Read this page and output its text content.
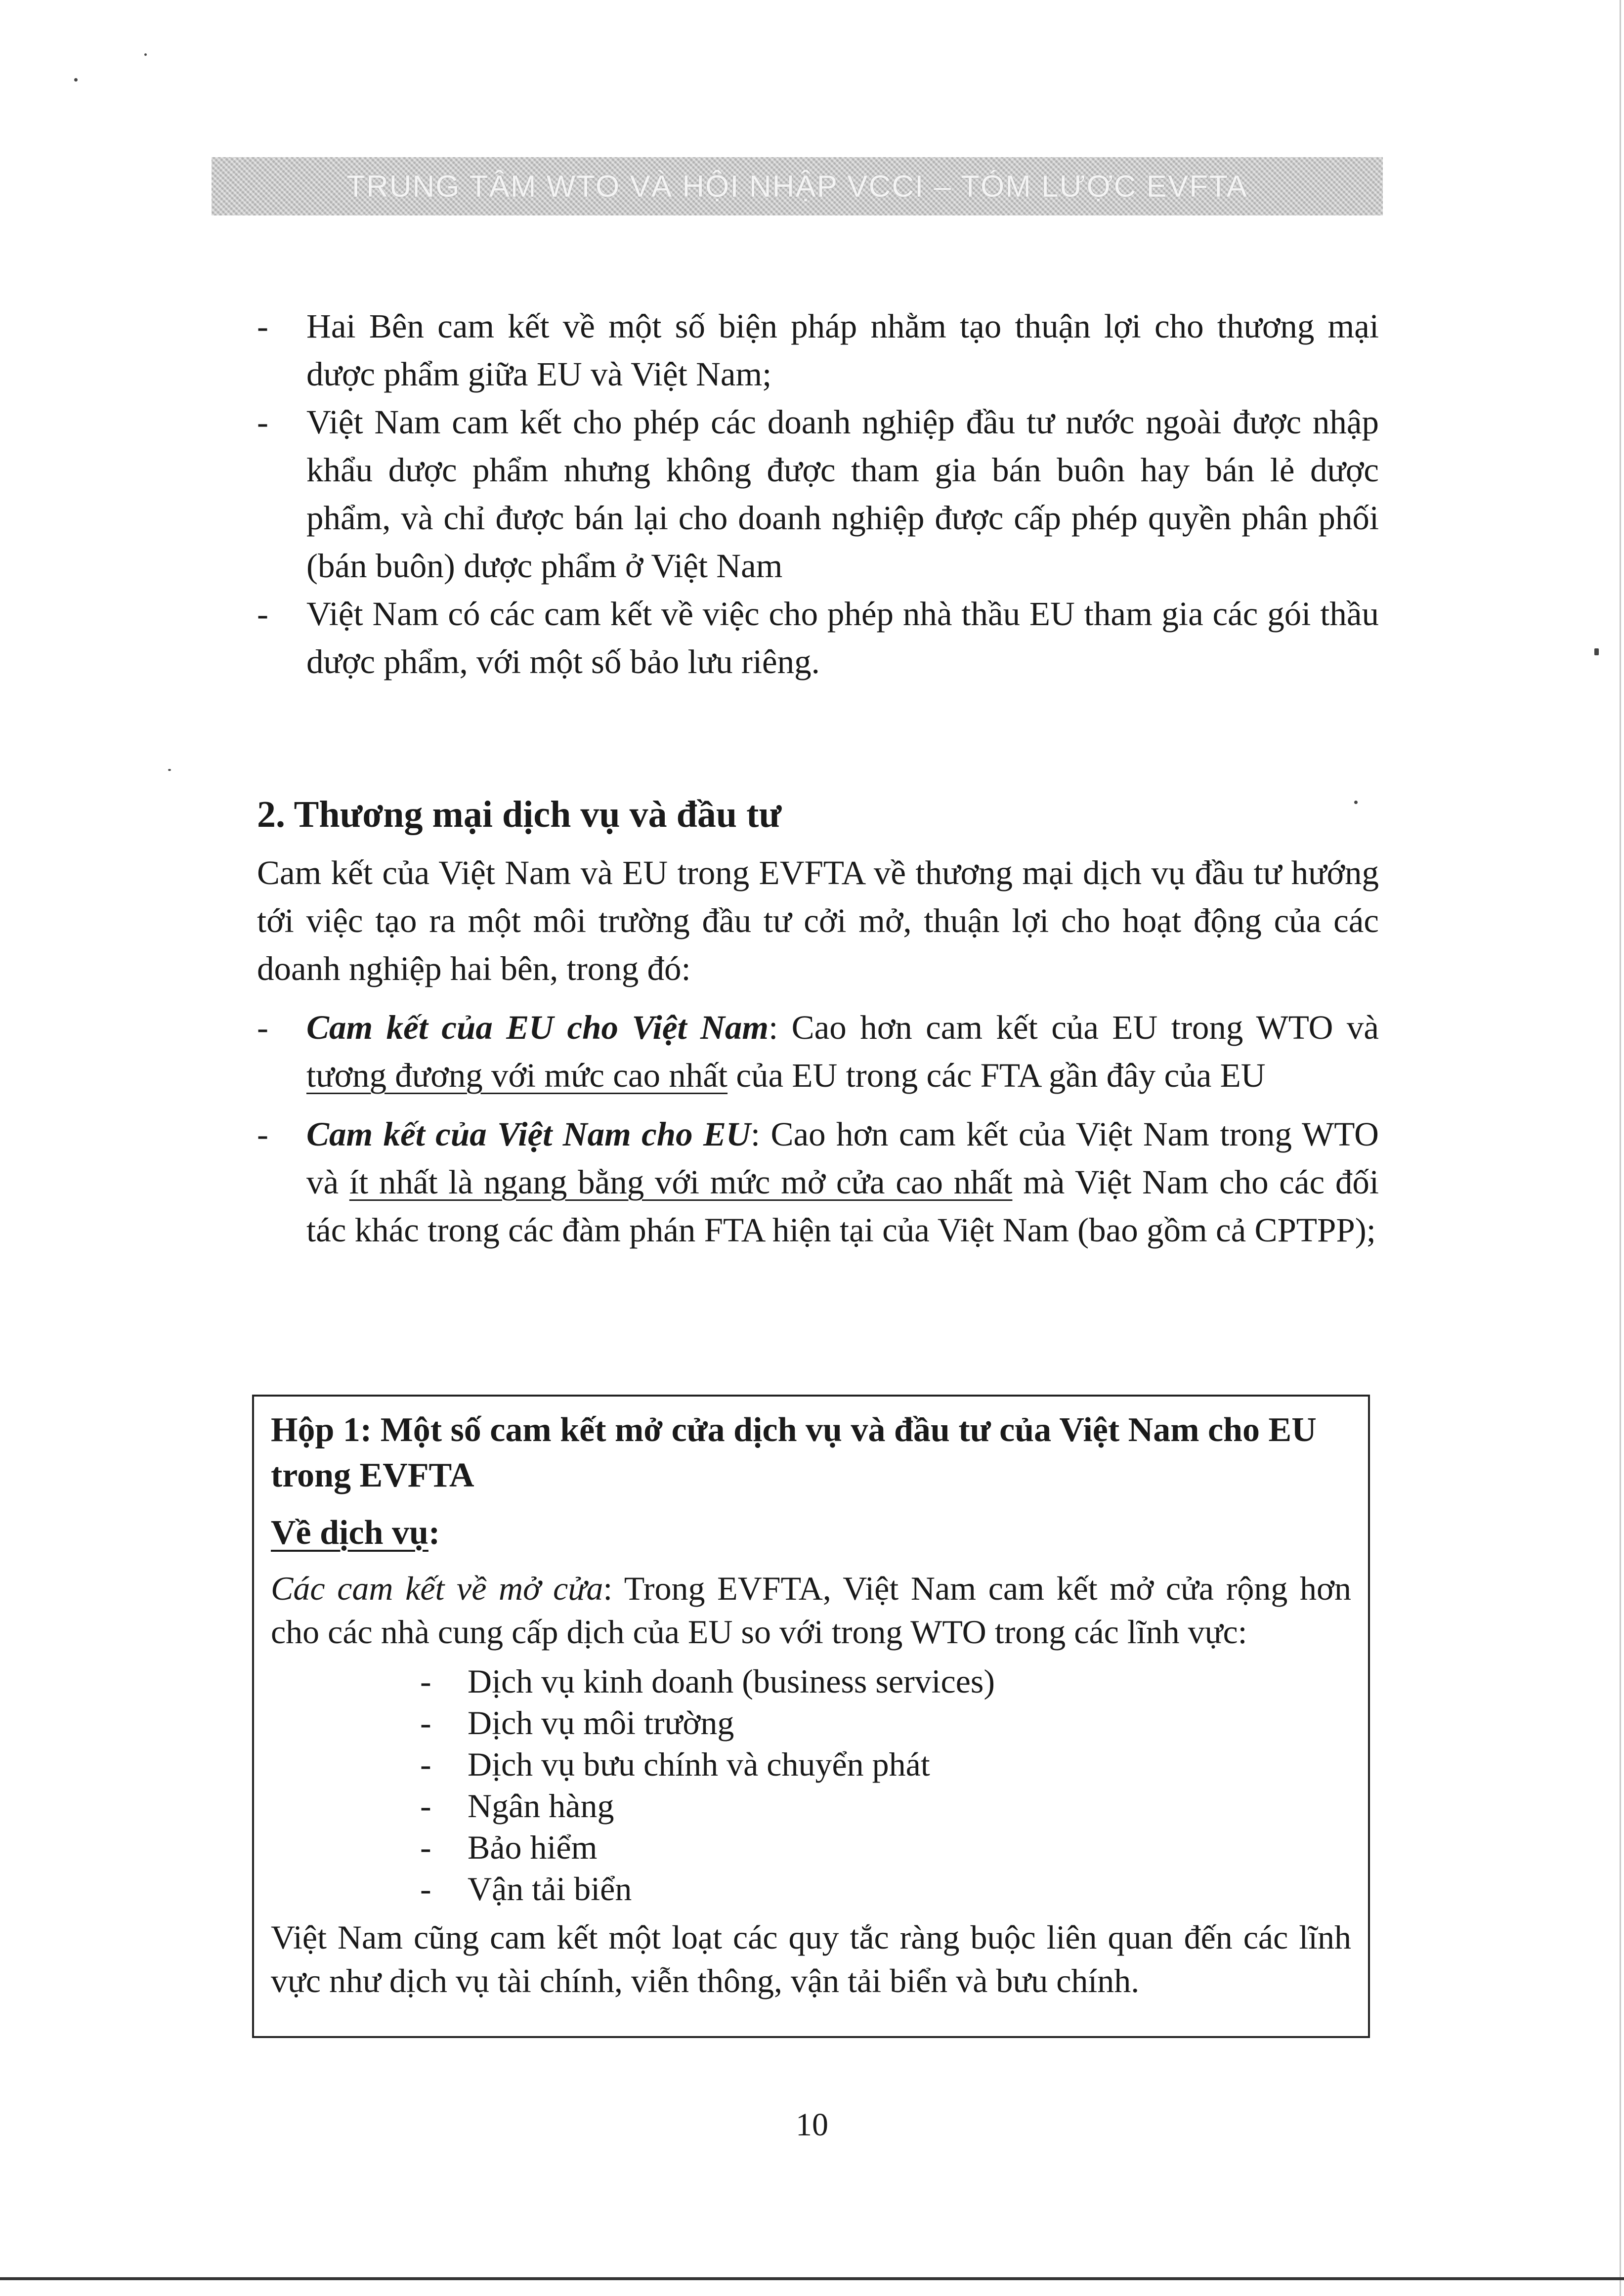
TRUNG TÂM WTO VÀ HỘI NHẬP VCCI – TÓM LƯỢC EVFTA
- Hai Bên cam kết về một số biện pháp nhằm tạo thuận lợi cho thương mại dược phẩm giữa EU và Việt Nam;
- Việt Nam cam kết cho phép các doanh nghiệp đầu tư nước ngoài được nhập khẩu dược phẩm nhưng không được tham gia bán buôn hay bán lẻ dược phẩm, và chỉ được bán lại cho doanh nghiệp được cấp phép quyền phân phối (bán buôn) dược phẩm ở Việt Nam
- Việt Nam có các cam kết về việc cho phép nhà thầu EU tham gia các gói thầu dược phẩm, với một số bảo lưu riêng.
2. Thương mại dịch vụ và đầu tư
Cam kết của Việt Nam và EU trong EVFTA về thương mại dịch vụ đầu tư hướng tới việc tạo ra một môi trường đầu tư cởi mở, thuận lợi cho hoạt động của các doanh nghiệp hai bên, trong đó:
- Cam kết của EU cho Việt Nam: Cao hơn cam kết của EU trong WTO và tương đương với mức cao nhất của EU trong các FTA gần đây của EU
- Cam kết của Việt Nam cho EU: Cao hơn cam kết của Việt Nam trong WTO và ít nhất là ngang bằng với mức mở cửa cao nhất mà Việt Nam cho các đối tác khác trong các đàm phán FTA hiện tại của Việt Nam (bao gồm cả CPTPP);
Hộp 1: Một số cam kết mở cửa dịch vụ và đầu tư của Việt Nam cho EU trong EVFTA
Về dịch vụ:
Các cam kết về mở cửa: Trong EVFTA, Việt Nam cam kết mở cửa rộng hơn cho các nhà cung cấp dịch của EU so với trong WTO trong các lĩnh vực:
- Dịch vụ kinh doanh (business services)
- Dịch vụ môi trường
- Dịch vụ bưu chính và chuyển phát
- Ngân hàng
- Bảo hiểm
- Vận tải biển
Việt Nam cũng cam kết một loạt các quy tắc ràng buộc liên quan đến các lĩnh vực như dịch vụ tài chính, viễn thông, vận tải biển và bưu chính.
10
